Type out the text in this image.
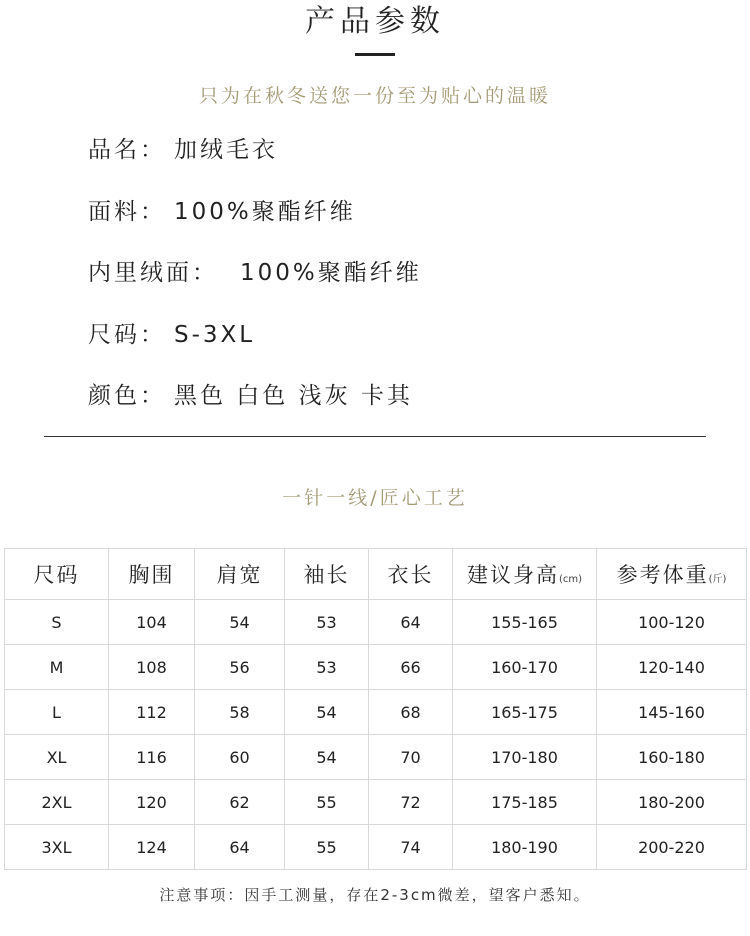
产品参数
只为在秋冬送您一份至为贴心的温暖
品名： 加绒毛衣
面料： 100%聚酯纤维
内里绒面： 100%聚酯纤维
尺码： S-3XL
颜色： 黑色 白色 浅灰 卡其
一针一线/匠心工艺
尺码	胸围	肩宽	袖长	衣长	建议身高(cm)	参考体重(斤)
S	104	54	53	64	155-165	100-120
M	108	56	53	66	160-170	120-140
L	112	58	54	68	165-175	145-160
XL	116	60	54	70	170-180	160-180
2XL	120	62	55	72	175-185	180-200
3XL	124	64	55	74	180-190	200-220
注意事项：因手工测量，存在2-3cm微差，望客户悉知。
